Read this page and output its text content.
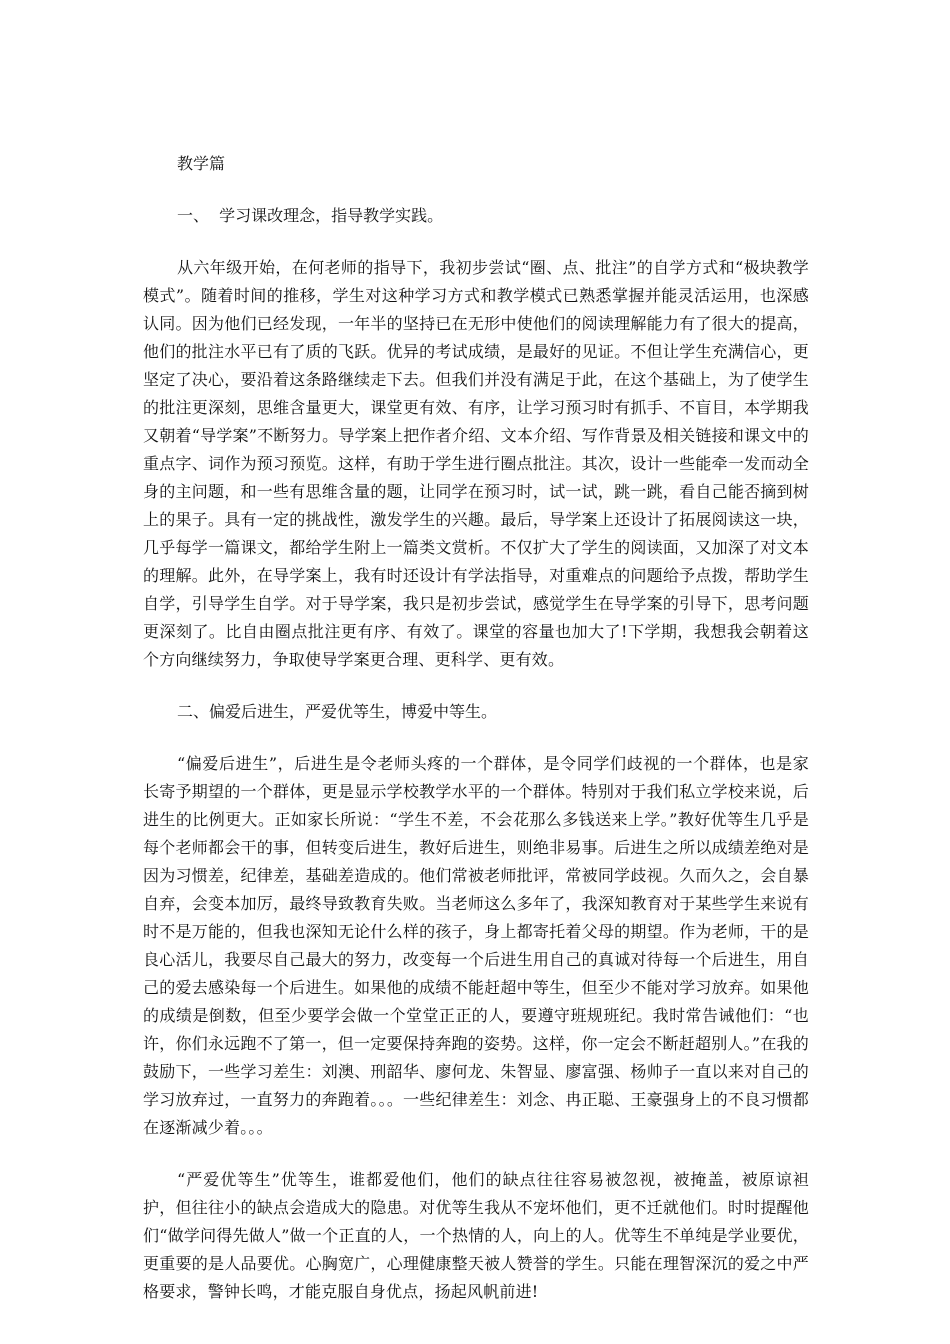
教学篇

一、  学习课改理念，指导教学实践。

从六年级开始，在何老师的指导下，我初步尝试“圈、点、批注”的自学方式和“极块教学模式”。随着时间的推移，学生对这种学习方式和教学模式已熟悉掌握并能灵活运用，也深感认同。因为他们已经发现，一年半的坚持已在无形中使他们的阅读理解能力有了很大的提高，他们的批注水平已有了质的飞跃。优异的考试成绩，是最好的见证。不但让学生充满信心，更坚定了决心，要沿着这条路继续走下去。但我们并没有满足于此，在这个基础上，为了使学生的批注更深刻，思维含量更大，课堂更有效、有序，让学习预习时有抓手、不盲目，本学期我又朝着“导学案”不断努力。导学案上把作者介绍、文本介绍、写作背景及相关链接和课文中的重点字、词作为预习预览。这样，有助于学生进行圈点批注。其次，设计一些能牵一发而动全身的主问题，和一些有思维含量的题，让同学在预习时，试一试，跳一跳，看自己能否摘到树上的果子。具有一定的挑战性，激发学生的兴趣。最后，导学案上还设计了拓展阅读这一块，几乎每学一篇课文，都给学生附上一篇类文赏析。不仅扩大了学生的阅读面，又加深了对文本的理解。此外，在导学案上，我有时还设计有学法指导，对重难点的问题给予点拨，帮助学生自学，引导学生自学。对于导学案，我只是初步尝试，感觉学生在导学案的引导下，思考问题更深刻了。比自由圈点批注更有序、有效了。课堂的容量也加大了!下学期，我想我会朝着这个方向继续努力，争取使导学案更合理、更科学、更有效。

二、偏爱后进生，严爱优等生，博爱中等生。

“偏爱后进生”，后进生是令老师头疼的一个群体，是令同学们歧视的一个群体，也是家长寄予期望的一个群体，更是显示学校教学水平的一个群体。特别对于我们私立学校来说，后进生的比例更大。正如家长所说：“学生不差，不会花那么多钱送来上学。”教好优等生几乎是每个老师都会干的事，但转变后进生，教好后进生，则绝非易事。后进生之所以成绩差绝对是因为习惯差，纪律差，基础差造成的。他们常被老师批评，常被同学歧视。久而久之，会自暴自弃，会变本加厉，最终导致教育失败。当老师这么多年了，我深知教育对于某些学生来说有时不是万能的，但我也深知无论什么样的孩子，身上都寄托着父母的期望。作为老师，干的是良心活儿，我要尽自己最大的努力，改变每一个后进生用自己的真诚对待每一个后进生，用自己的爱去感染每一个后进生。如果他的成绩不能赶超中等生，但至少不能对学习放弃。如果他的成绩是倒数，但至少要学会做一个堂堂正正的人，要遵守班规班纪。我时常告诫他们：“也许，你们永远跑不了第一，但一定要保持奔跑的姿势。这样，你一定会不断赶超别人。”在我的鼓励下，一些学习差生：刘澳、刑韶华、廖何龙、朱智显、廖富强、杨帅子一直以来对自己的学习放弃过，一直努力的奔跑着。。。一些纪律差生：刘念、冉正聪、王豪强身上的不良习惯都在逐渐减少着。。。

“严爱优等生”优等生，谁都爱他们，他们的缺点往往容易被忽视，被掩盖，被原谅袒护，但往往小的缺点会造成大的隐患。对优等生我从不宠坏他们，更不迁就他们。时时提醒他们“做学问得先做人”做一个正直的人，一个热情的人，向上的人。优等生不单纯是学业要优，更重要的是人品要优。心胸宽广，心理健康整天被人赞誉的学生。只能在理智深沉的爱之中严格要求，警钟长鸣，才能克服自身优点，扬起风帆前进!
